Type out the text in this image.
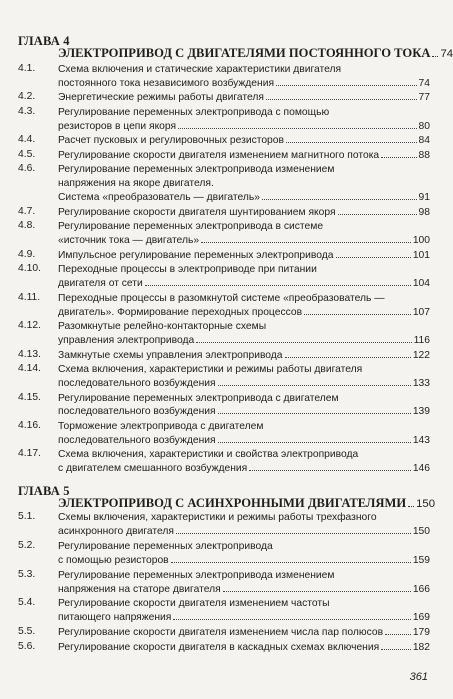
ГЛАВА 4
ЭЛЕКТРОПРИВОД С ДВИГАТЕЛЯМИ ПОСТОЯННОГО ТОКА 74
4.1. Схема включения и статические характеристики двигателя
постоянного тока независимого возбуждения	74
4.2. Энергетические режимы работы двигателя	77
4.3. Регулирование переменных электропривода с помощью
резисторов в цепи якоря	80
4.4. Расчет пусковых и регулировочных резисторов	84
4.5. Регулирование скорости двигателя изменением магнитного потока	88
4.6. Регулирование переменных электропривода изменением
напряжения на якоре двигателя.
Система «преобразователь — двигатель»	91
4.7. Регулирование скорости двигателя шунтированием якоря	98
4.8. Регулирование переменных электропривода в системе
«источник тока — двигатель»	100
4.9. Импульсное регулирование переменных электропривода	101
4.10. Переходные процессы в электроприводе при питании
двигателя от сети	104
4.11. Переходные процессы в разомкнутой системе «преобразователь —
двигатель». Формирование переходных процессов	107
4.12. Разомкнутые релейно-контакторные схемы
управления электропривода	116
4.13. Замкнутые схемы управления электропривода	122
4.14. Схема включения, характеристики и режимы работы двигателя
последовательного возбуждения	133
4.15. Регулирование переменных электропривода с двигателем
последовательного возбуждения	139
4.16. Торможение электропривода с двигателем
последовательного возбуждения	143
4.17. Схема включения, характеристики и свойства электропривода
с двигателем смешанного возбуждения	146
ГЛАВА 5
ЭЛЕКТРОПРИВОД С АСИНХРОННЫМИ ДВИГАТЕЛЯМИ 150
5.1. Схемы включения, характеристики и режимы работы трехфазного
асинхронного двигателя	150
5.2. Регулирование переменных электропривода
с помощью резисторов	159
5.3. Регулирование переменных электропривода изменением
напряжения на статоре двигателя	166
5.4. Регулирование скорости двигателя изменением частоты
питающего напряжения	169
5.5. Регулирование скорости двигателя изменением числа пар полюсов	179
5.6. Регулирование скорости двигателя в каскадных схемах включения	182
361
